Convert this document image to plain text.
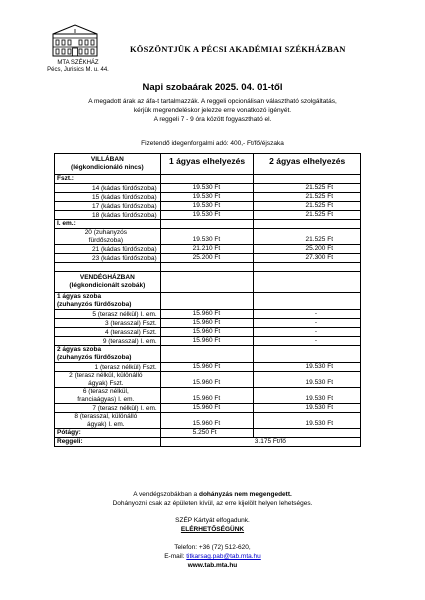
MTA SZÉKHÁZ
Pécs, Jurisics M. u. 44.
KÖSZÖNTJÜK A PÉCSI AKADÉMIAI SZÉKHÁZBAN
Napi szobaárak 2025. 04. 01-től
A megadott árak az áfa-t tartalmazzák. A reggeli opcionálisan választható szolgáltatás,
kérjük megrendeléskor jelezze erre vonatkozó igényét.
A reggeli 7 - 9 óra között fogyasztható el.
Fizetendő idegenforgalmi adó: 400,- Ft/fő/éjszaka
VILLÁBAN
(légkondicionáló nincs)	1 ágyas elhelyezés	2 ágyas elhelyezés
Fszt.:		
14 (kádas fürdőszoba)	19.530 Ft	21.525 Ft
15 (kádas fürdőszoba)	19.530 Ft	21.525 Ft
17 (kádas fürdőszoba)	19.530 Ft	21.525 Ft
18 (kádas fürdőszoba)	19.530 Ft	21.525 Ft
I. em.:		

20 (zuhanyzós
fürdőszoba)	19.530 Ft	21.525 Ft
21 (kádas fürdőszoba)	21.210 Ft	25.200 Ft
23 (kádas fürdőszoba)	25.200 Ft	27.300 Ft

VENDÉGHÁZBAN
(légkondicionált szobák)		

1 ágyas szoba
(zuhanyzós fürdőszoba)		

5 (terasz nélkül) I. em.	15.960 Ft	-
3 (terasszal) Fszt.	15.960 Ft	-
4 (terasszal) Fszt.	15.960 Ft	-
9 (terasszal) I. em.	15.960 Ft	-

2 ágyas szoba
(zuhanyzós fürdőszoba)		

1 (terasz nélkül) Fszt.	15.960 Ft	19.530 Ft

2 (terasz nélkül, különálló
ágyak) Fszt.	15.960 Ft	19.530 Ft

6 (terasz nélkül,
franciaágyas) I. em.	15.960 Ft	19.530 Ft
7 (terasz nélkül) I. em.	15.960 Ft	19.530 Ft

8 (terasszal, különálló
ágyak) I. em.	15.960 Ft	19.530 Ft
Pótágy:	5.250 Ft	
Reggeli:	3.175 Ft/fő	
A vendégszobákban a dohányzás nem megengedett.
Dohányozni csak az épületen kívül, az erre kijelölt helyen lehetséges.
SZÉP Kártyát elfogadunk.
ELÉRHETŐSÉGÜNK
Telefon: +36 (72) 512-620,
E-mail: titkarsag.pab@tab.mta.hu
www.tab.mta.hu
